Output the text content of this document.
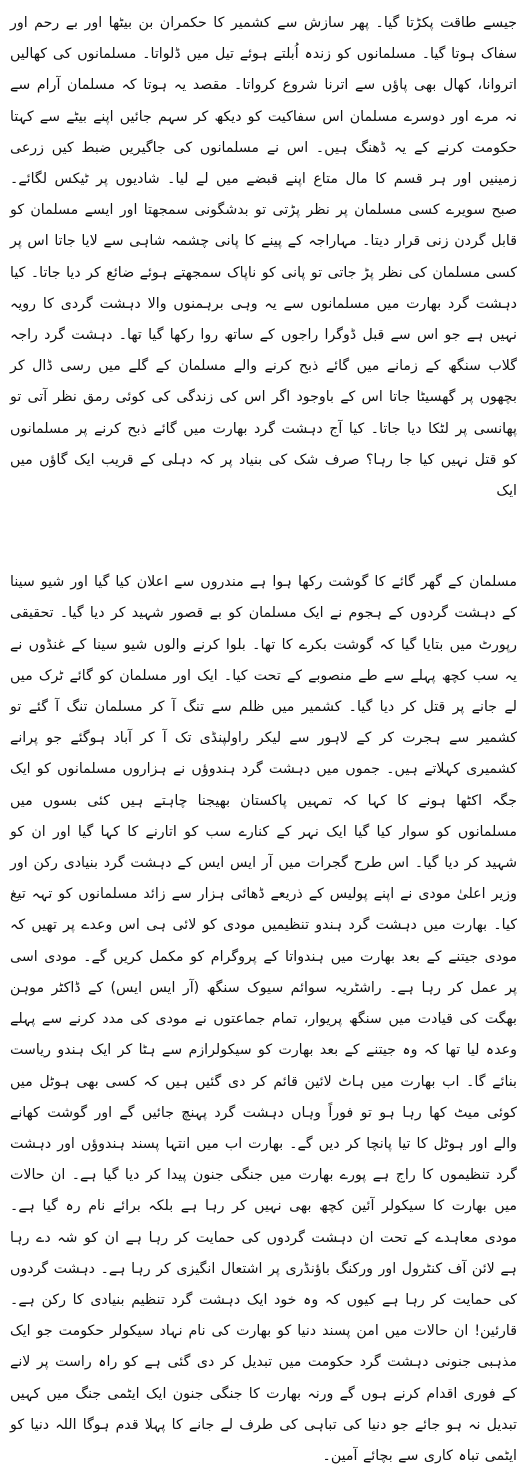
جیسے طاقت پکڑتا گیا۔ پھر سازش سے کشمیر کا حکمران بن بیٹھا اور بے رحم اور سفاک ہوتا گیا۔ مسلمانوں کو زندہ اُبلتے ہوئے تیل میں ڈلواتا۔ مسلمانوں کی کھالیں اتروانا، کھال بھی پاؤں سے اترنا شروع کرواتا۔ مقصد یہ ہوتا کہ مسلمان آرام سے نہ مرے اور دوسرے مسلمان اس سفاکیت کو دیکھ کر سہم جائیں اپنے بیٹے سے کہتا حکومت کرنے کے یہ ڈھنگ ہیں۔ اس نے مسلمانوں کی جاگیریں ضبط کیں زرعی زمینیں اور ہر قسم کا مال متاع اپنے قبضے میں لے لیا۔ شادیوں پر ٹیکس لگائے۔ صبح سویرے کسی مسلمان پر نظر پڑتی تو بدشگونی سمجھتا اور ایسے مسلمان کو قابل گردن زنی قرار دیتا۔ مہاراجہ کے پینے کا پانی چشمہ شاہی سے لایا جاتا اس پر کسی مسلمان کی نظر پڑ جاتی تو پانی کو ناپاک سمجھتے ہوئے ضائع کر دیا جاتا۔ کیا دہشت گرد بھارت میں مسلمانوں سے یہ وہی برہمنوں والا دہشت گردی کا رویہ نہیں ہے جو اس سے قبل ڈوگرا راجوں کے ساتھ روا رکھا گیا تھا۔ دہشت گرد راجہ گلاب سنگھ کے زمانے میں گائے ذبح کرنے والے مسلمان کے گلے میں رسی ڈال کر بچھوں پر گھسیٹا جاتا اس کے باوجود اگر اس کی زندگی کی کوئی رمق نظر آتی تو پھانسی پر لٹکا دیا جاتا۔ کیا آج دہشت گرد بھارت میں گائے ذبح کرنے پر مسلمانوں کو قتل نہیں کیا جا رہا؟ صرف شک کی بنیاد پر کہ دہلی کے قریب ایک گاؤں میں ایک

مسلمان کے گھر گائے کا گوشت رکھا ہوا ہے مندروں سے اعلان کیا گیا اور شیو سینا کے دہشت گردوں کے ہجوم نے ایک مسلمان کو بے قصور شہید کر دیا گیا۔ تحقیقی رپورٹ میں بتایا گیا کہ گوشت بکرے کا تھا۔ بلوا کرنے والوں شیو سینا کے غنڈوں نے یہ سب کچھ پہلے سے طے منصوبے کے تحت کیا۔ ایک اور مسلمان کو گائے ٹرک میں لے جانے پر قتل کر دیا گیا۔ کشمیر میں ظلم سے تنگ آ کر مسلمان تنگ آ گئے تو کشمیر سے ہجرت کر کے لاہور سے لیکر راولپنڈی تک آ کر آباد ہوگئے جو پرانے کشمیری کہلاتے ہیں۔ جموں میں دہشت گرد ہندوؤں نے ہزاروں مسلمانوں کو ایک جگہ اکٹھا ہونے کا کہا کہ تمہیں پاکستان بھیجنا چاہتے ہیں کئی بسوں میں مسلمانوں کو سوار کیا گیا ایک نہر کے کنارے سب کو اتارنے کا کہا گیا اور ان کو شہید کر دیا گیا۔ اس طرح گجرات میں آر ایس ایس کے دہشت گرد بنیادی رکن اور وزیر اعلیٰ مودی نے اپنے پولیس کے ذریعے ڈھائی ہزار سے زائد مسلمانوں کو تہہ تیغ کیا۔ بھارت میں دہشت گرد ہندو تنظیمیں مودی کو لائی ہی اس وعدے پر تھیں کہ مودی جیتنے کے بعد بھارت میں ہندواتا کے پروگرام کو مکمل کریں گے۔ مودی اسی پر عمل کر رہا ہے۔ راشٹریہ سوائم سیوک سنگھ (آر ایس ایس) کے ڈاکٹر موہن بھگت کی قیادت میں سنگھ پریوار، تمام جماعتوں نے مودی کی مدد کرنے سے پہلے وعدہ لیا تھا کہ وہ جیتنے کے بعد بھارت کو سیکولرازم سے ہٹا کر ایک ہندو ریاست بنائے گا۔ اب بھارت میں ہاٹ لائین قائم کر دی گئیں ہیں کہ کسی بھی ہوٹل میں کوئی میٹ کھا رہا ہو تو فوراً وہاں دہشت گرد پہنچ جائیں گے اور گوشت کھانے والے اور ہوٹل کا تیا پانچا کر دیں گے۔ بھارت اب میں انتہا پسند ہندوؤں اور دہشت گرد تنظیموں کا راج ہے پورے بھارت میں جنگی جنون پیدا کر دیا گیا ہے۔ ان حالات میں بھارت کا سیکولر آئین کچھ بھی نہیں کر رہا ہے بلکہ برائے نام رہ گیا ہے۔ مودی معاہدے کے تحت ان دہشت گردوں کی حمایت کر رہا ہے ان کو شہ دے رہا ہے لائن آف کنٹرول اور ورکنگ باؤنڈری پر اشتعال انگیزی کر رہا ہے۔ دہشت گردوں کی حمایت کر رہا ہے کیوں کہ وہ خود ایک دہشت گرد تنظیم بنیادی کا رکن ہے۔ قارئین! ان حالات میں امن پسند دنیا کو بھارت کی نام نہاد سیکولر حکومت جو ایک مذہبی جنونی دہشت گرد حکومت میں تبدیل کر دی گئی ہے کو راہ راست پر لانے کے فوری اقدام کرنے ہوں گے ورنہ بھارت کا جنگی جنون ایک ایٹمی جنگ میں کہیں تبدیل نہ ہو جائے جو دنیا کی تباہی کی طرف لے جانے کا پہلا قدم ہوگا اللہ دنیا کو ایٹمی تباہ کاری سے بچائے آمین۔
